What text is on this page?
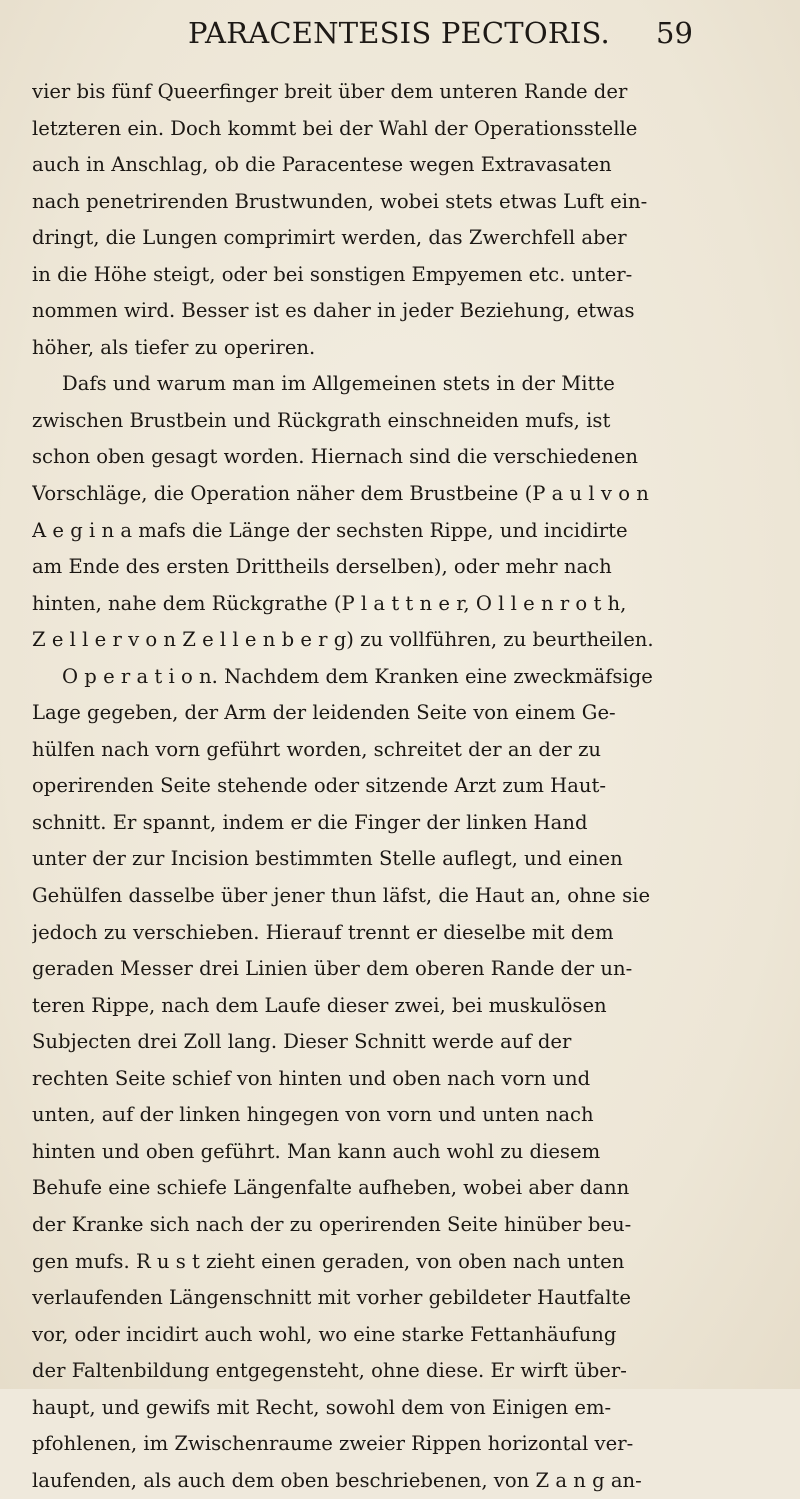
PARACENTESIS PECTORIS. 59
vier bis fünf Queerfinger breit über dem unteren Rande der
letzteren ein. Doch kommt bei der Wahl der Operationsstelle
auch in Anschlag, ob die Paracentese wegen Extravasaten
nach penetrirenden Brustwunden, wobei stets etwas Luft ein-
dringt, die Lungen comprimirt werden, das Zwerchfell aber
in die Höhe steigt, oder bei sonstigen Empyemen etc. unter-
nommen wird. Besser ist es daher in jeder Beziehung, etwas
höher, als tiefer zu operiren.
Dafs und warum man im Allgemeinen stets in der Mitte
zwischen Brustbein und Rückgrath einschneiden mufs, ist
schon oben gesagt worden. Hiernach sind die verschiedenen
Vorschläge, die Operation näher dem Brustbeine (P a u l v o n
A e g i n a mafs die Länge der sechsten Rippe, und incidirte
am Ende des ersten Drittheils derselben), oder mehr nach
hinten, nahe dem Rückgrathe (P l a t t n e r, O l l e n r o t h,
Z e l l e r v o n Z e l l e n b e r g) zu vollführen, zu beurtheilen.
O p e r a t i o n. Nachdem dem Kranken eine zweckmäfsige
Lage gegeben, der Arm der leidenden Seite von einem Ge-
hülfen nach vorn geführt worden, schreitet der an der zu
operirenden Seite stehende oder sitzende Arzt zum Haut-
schnitt. Er spannt, indem er die Finger der linken Hand
unter der zur Incision bestimmten Stelle auflegt, und einen
Gehülfen dasselbe über jener thun läfst, die Haut an, ohne sie
jedoch zu verschieben. Hierauf trennt er dieselbe mit dem
geraden Messer drei Linien über dem oberen Rande der un-
teren Rippe, nach dem Laufe dieser zwei, bei muskulösen
Subjecten drei Zoll lang. Dieser Schnitt werde auf der
rechten Seite schief von hinten und oben nach vorn und
unten, auf der linken hingegen von vorn und unten nach
hinten und oben geführt. Man kann auch wohl zu diesem
Behufe eine schiefe Längenfalte aufheben, wobei aber dann
der Kranke sich nach der zu operirenden Seite hinüber beu-
gen mufs. R u s t zieht einen geraden, von oben nach unten
verlaufenden Längenschnitt mit vorher gebildeter Hautfalte
vor, oder incidirt auch wohl, wo eine starke Fettanhäufung
der Faltenbildung entgegensteht, ohne diese. Er wirft über-
haupt, und gewifs mit Recht, sowohl dem von Einigen em-
pfohlenen, im Zwischenraume zweier Rippen horizontal ver-
laufenden, als auch dem oben beschriebenen, von Z a n g an-
